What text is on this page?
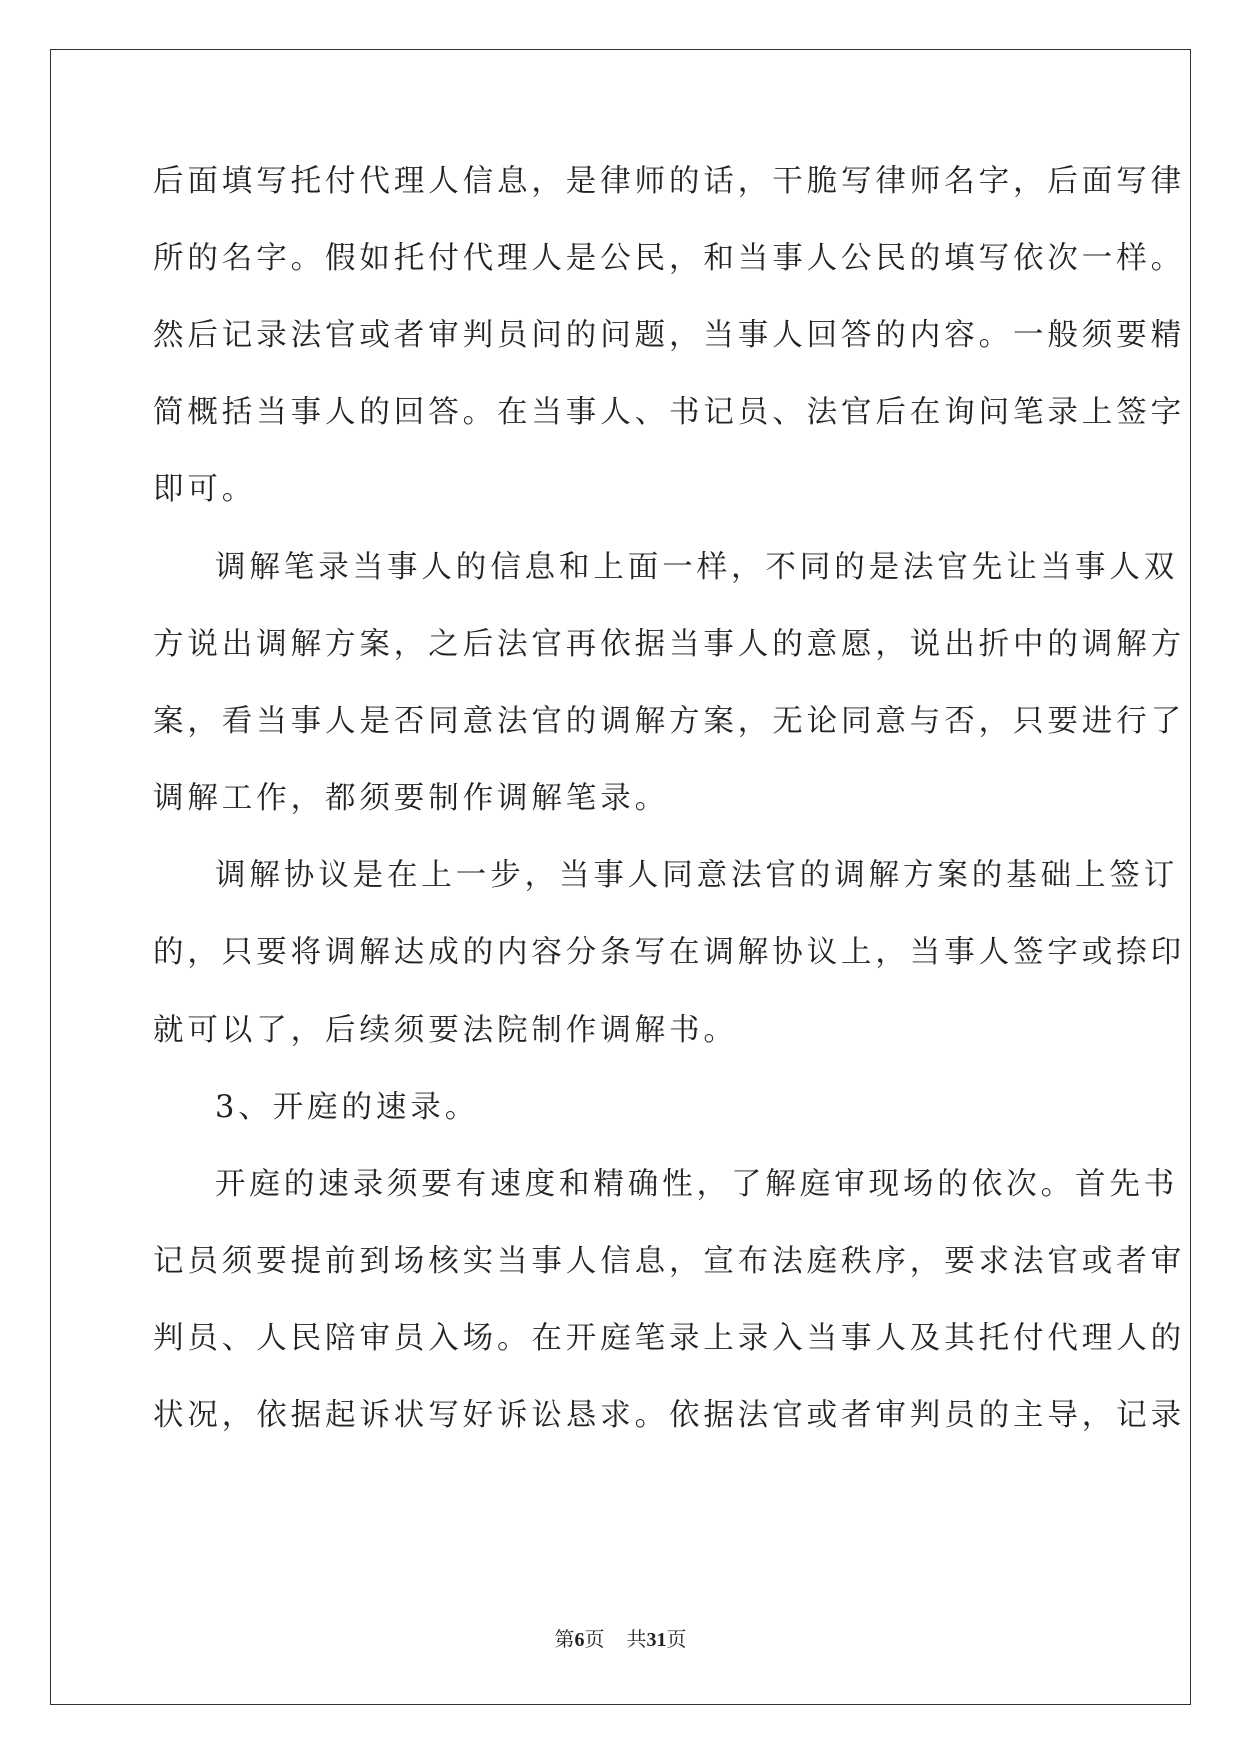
后面填写托付代理人信息，是律师的话，干脆写律师名字，后面写律
所的名字。假如托付代理人是公民，和当事人公民的填写依次一样。
然后记录法官或者审判员问的问题，当事人回答的内容。一般须要精
简概括当事人的回答。在当事人、书记员、法官后在询问笔录上签字
即可。
调解笔录当事人的信息和上面一样，不同的是法官先让当事人双
方说出调解方案，之后法官再依据当事人的意愿，说出折中的调解方
案，看当事人是否同意法官的调解方案，无论同意与否，只要进行了
调解工作，都须要制作调解笔录。
调解协议是在上一步，当事人同意法官的调解方案的基础上签订
的，只要将调解达成的内容分条写在调解协议上，当事人签字或捺印
就可以了，后续须要法院制作调解书。
3、开庭的速录。
开庭的速录须要有速度和精确性，了解庭审现场的依次。首先书
记员须要提前到场核实当事人信息，宣布法庭秩序，要求法官或者审
判员、人民陪审员入场。在开庭笔录上录入当事人及其托付代理人的
状况，依据起诉状写好诉讼恳求。依据法官或者审判员的主导，记录
第6页 共31页
